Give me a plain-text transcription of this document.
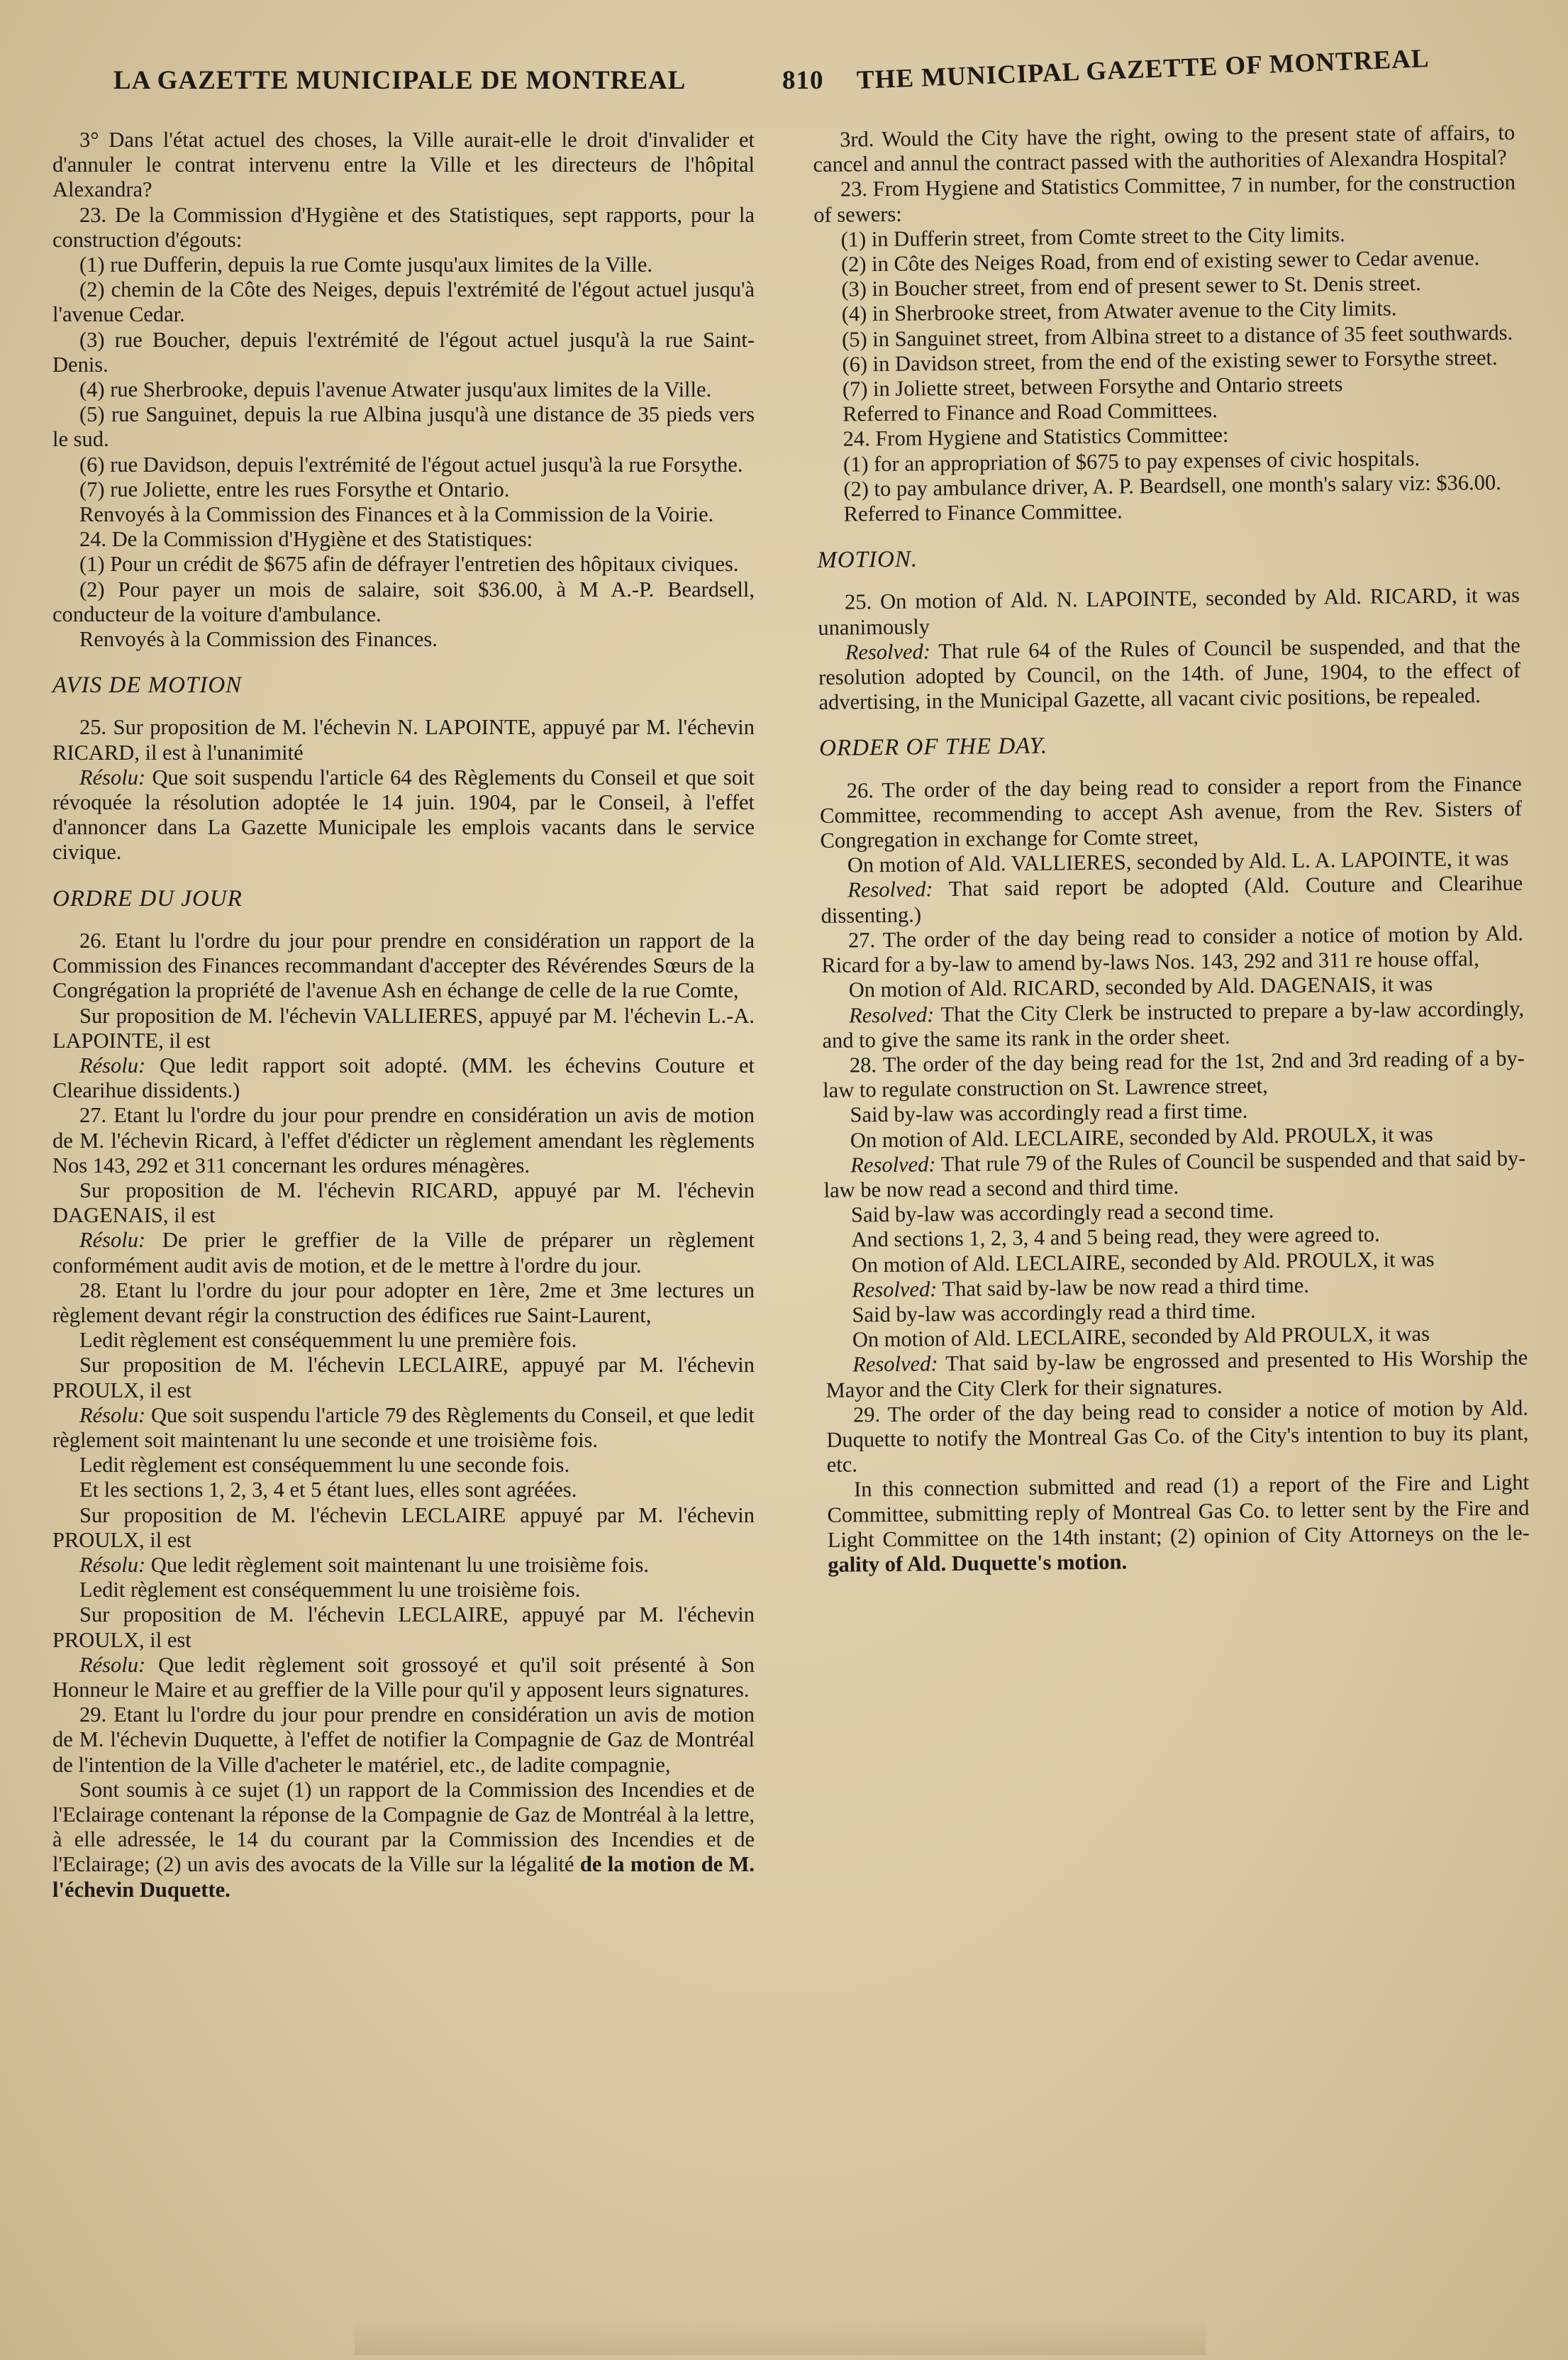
LA GAZETTE MUNICIPALE DE MONTREAL	810 THE MUNICIPAL GAZETTE OF MONTREAL

3° Dans l'état actuel des choses, la Ville aurait-elle le droit d'invalider et d'annuler le contrat intervenu entre la Ville et les directeurs de l'hôpital Alexandra?

23. De la Commission d'Hygiène et des Statistiques, sept rapports, pour la construction d'égouts:

(1) rue Dufferin, depuis la rue Comte jusqu'aux limites de la Ville.

(2) chemin de la Côte des Neiges, depuis l'extrémité de l'égout actuel jusqu'à l'avenue Cedar.

(3) rue Boucher, depuis l'extrémité de l'égout actuel jusqu'à la rue Saint-Denis.

(4) rue Sherbrooke, depuis l'avenue Atwater jusqu'aux limites de la Ville.

(5) rue Sanguinet, depuis la rue Albina jusqu'à une distance de 35 pieds vers le sud.

(6) rue Davidson, depuis l'extrémité de l'égout actuel jusqu'à la rue Forsythe.

(7) rue Joliette, entre les rues Forsythe et Ontario.

Renvoyés à la Commission des Finances et à la Commission de la Voirie.

24. De la Commission d'Hygiène et des Statistiques:

(1) Pour un crédit de $675 afin de défrayer l'entretien des hôpitaux civiques.

(2) Pour payer un mois de salaire, soit $36.00, à M A.-P. Beardsell, conducteur de la voiture d'ambulance.

Renvoyés à la Commission des Finances.

AVIS DE MOTION

25. Sur proposition de M. l'échevin N. LAPOINTE, appuyé par M. l'échevin RICARD, il est à l'unanimité

Résolu: Que soit suspendu l'article 64 des Règlements du Conseil et que soit révoquée la résolution adoptée le 14 juin. 1904, par le Conseil, à l'effet d'annoncer dans La Gazette Municipale les emplois vacants dans le service civique.

ORDRE DU JOUR

26. Etant lu l'ordre du jour pour prendre en considération un rapport de la Commission des Finances recommandant d'accepter des Révérendes Sœurs de la Congrégation la propriété de l'avenue Ash en échange de celle de la rue Comte,

Sur proposition de M. l'échevin VALLIERES, appuyé par M. l'échevin L.-A. LAPOINTE, il est

Résolu: Que ledit rapport soit adopté. (MM. les échevins Couture et Clearihue dissidents.)

27. Etant lu l'ordre du jour pour prendre en considération un avis de motion de M. l'échevin Ricard, à l'effet d'édicter un règlement amendant les règlements Nos 143, 292 et 311 concernant les ordures ménagères.

Sur proposition de M. l'échevin RICARD, appuyé par M. l'échevin DAGENAIS, il est

Résolu: De prier le greffier de la Ville de préparer un règlement conformément audit avis de motion, et de le mettre à l'ordre du jour.

28. Etant lu l'ordre du jour pour adopter en 1ère, 2me et 3me lectures un règlement devant régir la construction des édifices rue Saint-Laurent,

Ledit règlement est conséquemment lu une première fois.

Sur proposition de M. l'échevin LECLAIRE, appuyé par M. l'échevin PROULX, il est

Résolu: Que soit suspendu l'article 79 des Règlements du Conseil, et que ledit règlement soit maintenant lu une seconde et une troisième fois.

Ledit règlement est conséquemment lu une seconde fois.

Et les sections 1, 2, 3, 4 et 5 étant lues, elles sont agréées.

Sur proposition de M. l'échevin LECLAIRE appuyé par M. l'échevin PROULX, il est

Résolu: Que ledit règlement soit maintenant lu une troisième fois.

Ledit règlement est conséquemment lu une troisième fois.

Sur proposition de M. l'échevin LECLAIRE, appuyé par M. l'échevin PROULX, il est

Résolu: Que ledit règlement soit grossoyé et qu'il soit présenté à Son Honneur le Maire et au greffier de la Ville pour qu'il y apposent leurs signatures.

29. Etant lu l'ordre du jour pour prendre en considération un avis de motion de M. l'échevin Duquette, à l'effet de notifier la Compagnie de Gaz de Montréal de l'intention de la Ville d'acheter le matériel, etc., de ladite compagnie,

Sont soumis à ce sujet (1) un rapport de la Commission des Incendies et de l'Eclairage contenant la réponse de la Compagnie de Gaz de Montréal à la lettre, à elle adressée, le 14 du courant par la Commission des Incendies et de l'Eclairage; (2) un avis des avocats de la Ville sur la légalité de la motion de M. l'échevin Duquette.

3rd. Would the City have the right, owing to the present state of affairs, to cancel and annul the contract passed with the authorities of Alexandra Hospital?

23. From Hygiene and Statistics Committee, 7 in number, for the construction of sewers:

(1) in Dufferin street, from Comte street to the City limits.

(2) in Côte des Neiges Road, from end of existing sewer to Cedar avenue.

(3) in Boucher street, from end of present sewer to St. Denis street.

(4) in Sherbrooke street, from Atwater avenue to the City limits.

(5) in Sanguinet street, from Albina street to a distance of 35 feet southwards.

(6) in Davidson street, from the end of the existing sewer to Forsythe street.

(7) in Joliette street, between Forsythe and Ontario streets

Referred to Finance and Road Committees.

24. From Hygiene and Statistics Committee:

(1) for an appropriation of $675 to pay expenses of civic hospitals.

(2) to pay ambulance driver, A. P. Beardsell, one month's salary viz: $36.00.

Referred to Finance Committee.

MOTION.

25. On motion of Ald. N. LAPOINTE, seconded by Ald. RICARD, it was unanimously

Resolved: That rule 64 of the Rules of Council be suspended, and that the resolution adopted by Council, on the 14th. of June, 1904, to the effect of advertising, in the Municipal Gazette, all vacant civic positions, be repealed.

ORDER OF THE DAY.

26. The order of the day being read to consider a report from the Finance Committee, recommending to accept Ash avenue, from the Rev. Sisters of Congregation in exchange for Comte street,

On motion of Ald. VALLIERES, seconded by Ald. L. A. LAPOINTE, it was

Resolved: That said report be adopted (Ald. Couture and Clearihue dissenting.)

27. The order of the day being read to consider a notice of motion by Ald. Ricard for a by-law to amend by-laws Nos. 143, 292 and 311 re house offal,

On motion of Ald. RICARD, seconded by Ald. DAGENAIS, it was

Resolved: That the City Clerk be instructed to prepare a by-law accordingly, and to give the same its rank in the order sheet.

28. The order of the day being read for the 1st, 2nd and 3rd reading of a by-law to regulate construction on St. Lawrence street,

Said by-law was accordingly read a first time.

On motion of Ald. LECLAIRE, seconded by Ald. PROULX, it was

Resolved: That rule 79 of the Rules of Council be suspended and that said by-law be now read a second and third time.

Said by-law was accordingly read a second time.

And sections 1, 2, 3, 4 and 5 being read, they were agreed to.

On motion of Ald. LECLAIRE, seconded by Ald. PROULX, it was

Resolved: That said by-law be now read a third time.

Said by-law was accordingly read a third time.

On motion of Ald. LECLAIRE, seconded by Ald PROULX, it was

Resolved: That said by-law be engrossed and presented to His Worship the Mayor and the City Clerk for their signatures.

29. The order of the day being read to consider a notice of motion by Ald. Duquette to notify the Montreal Gas Co. of the City's intention to buy its plant, etc.

In this connection submitted and read (1) a report of the Fire and Light Committee, submitting reply of Montreal Gas Co. to letter sent by the Fire and Light Committee on the 14th instant; (2) opinion of City Attorneys on the le- gality of Ald. Duquette's motion.
